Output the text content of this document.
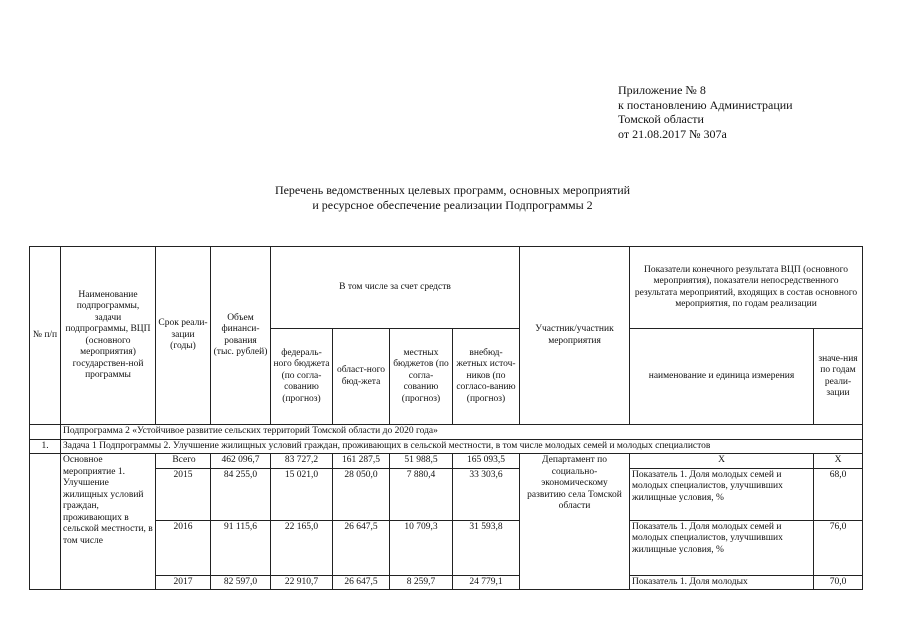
Приложение № 8
к постановлению Администрации
Томской области
от 21.08.2017 № 307а
Перечень ведомственных целевых программ, основных мероприятий
и ресурсное обеспечение реализации Подпрограммы 2
№ п/п	Наименование подпрограммы, задачи подпрограммы, ВЦП (основного мероприятия) государствен-ной программы	Срок реали-зации (годы)	Объем финанси-рования (тыс. рублей)	В том числе за счет средств				Участник/участник мероприятия	Показатели конечного результата ВЦП (основного мероприятия), показатели непосредственного результата мероприятий, входящих в состав основного мероприятия, по годам реализации	
				федераль-ного бюджета (по согла-сованию (прогноз)	област-ного бюд-жета	местных бюджетов (по согла-сованию (прогноз)	внебюд-жетных источ-ников (по согласо-ванию (прогноз)		наименование и единица измерения	значе-ния по годам реали-зации
	Подпрограмма 2 «Устойчивое развитие сельских территорий Томской области до 2020 года»									
1.	Задача 1 Подпрограммы 2. Улучшение жилищных условий граждан, проживающих в сельской местности, в том числе молодых семей и молодых специалистов									
	Основное мероприятие 1. Улучшение жилищных условий граждан, проживающих в сельской местности, в том числе	Всего	462 096,7	83 727,2	161 287,5	51 988,5	165 093,5	Департамент по социально-экономическому развитию села Томской области	Х	Х
		2015	84 255,0	15 021,0	28 050,0	7 880,4	33 303,6		Показатель 1. Доля молодых семей и молодых специалистов, улучшивших жилищные условия, %	68,0
		2016	91 115,6	22 165,0	26 647,5	10 709,3	31 593,8		Показатель 1. Доля молодых семей и молодых специалистов, улучшивших жилищные условия, %	76,0
		2017	82 597,0	22 910,7	26 647,5	8 259,7	24 779,1		Показатель 1. Доля молодых	70,0
